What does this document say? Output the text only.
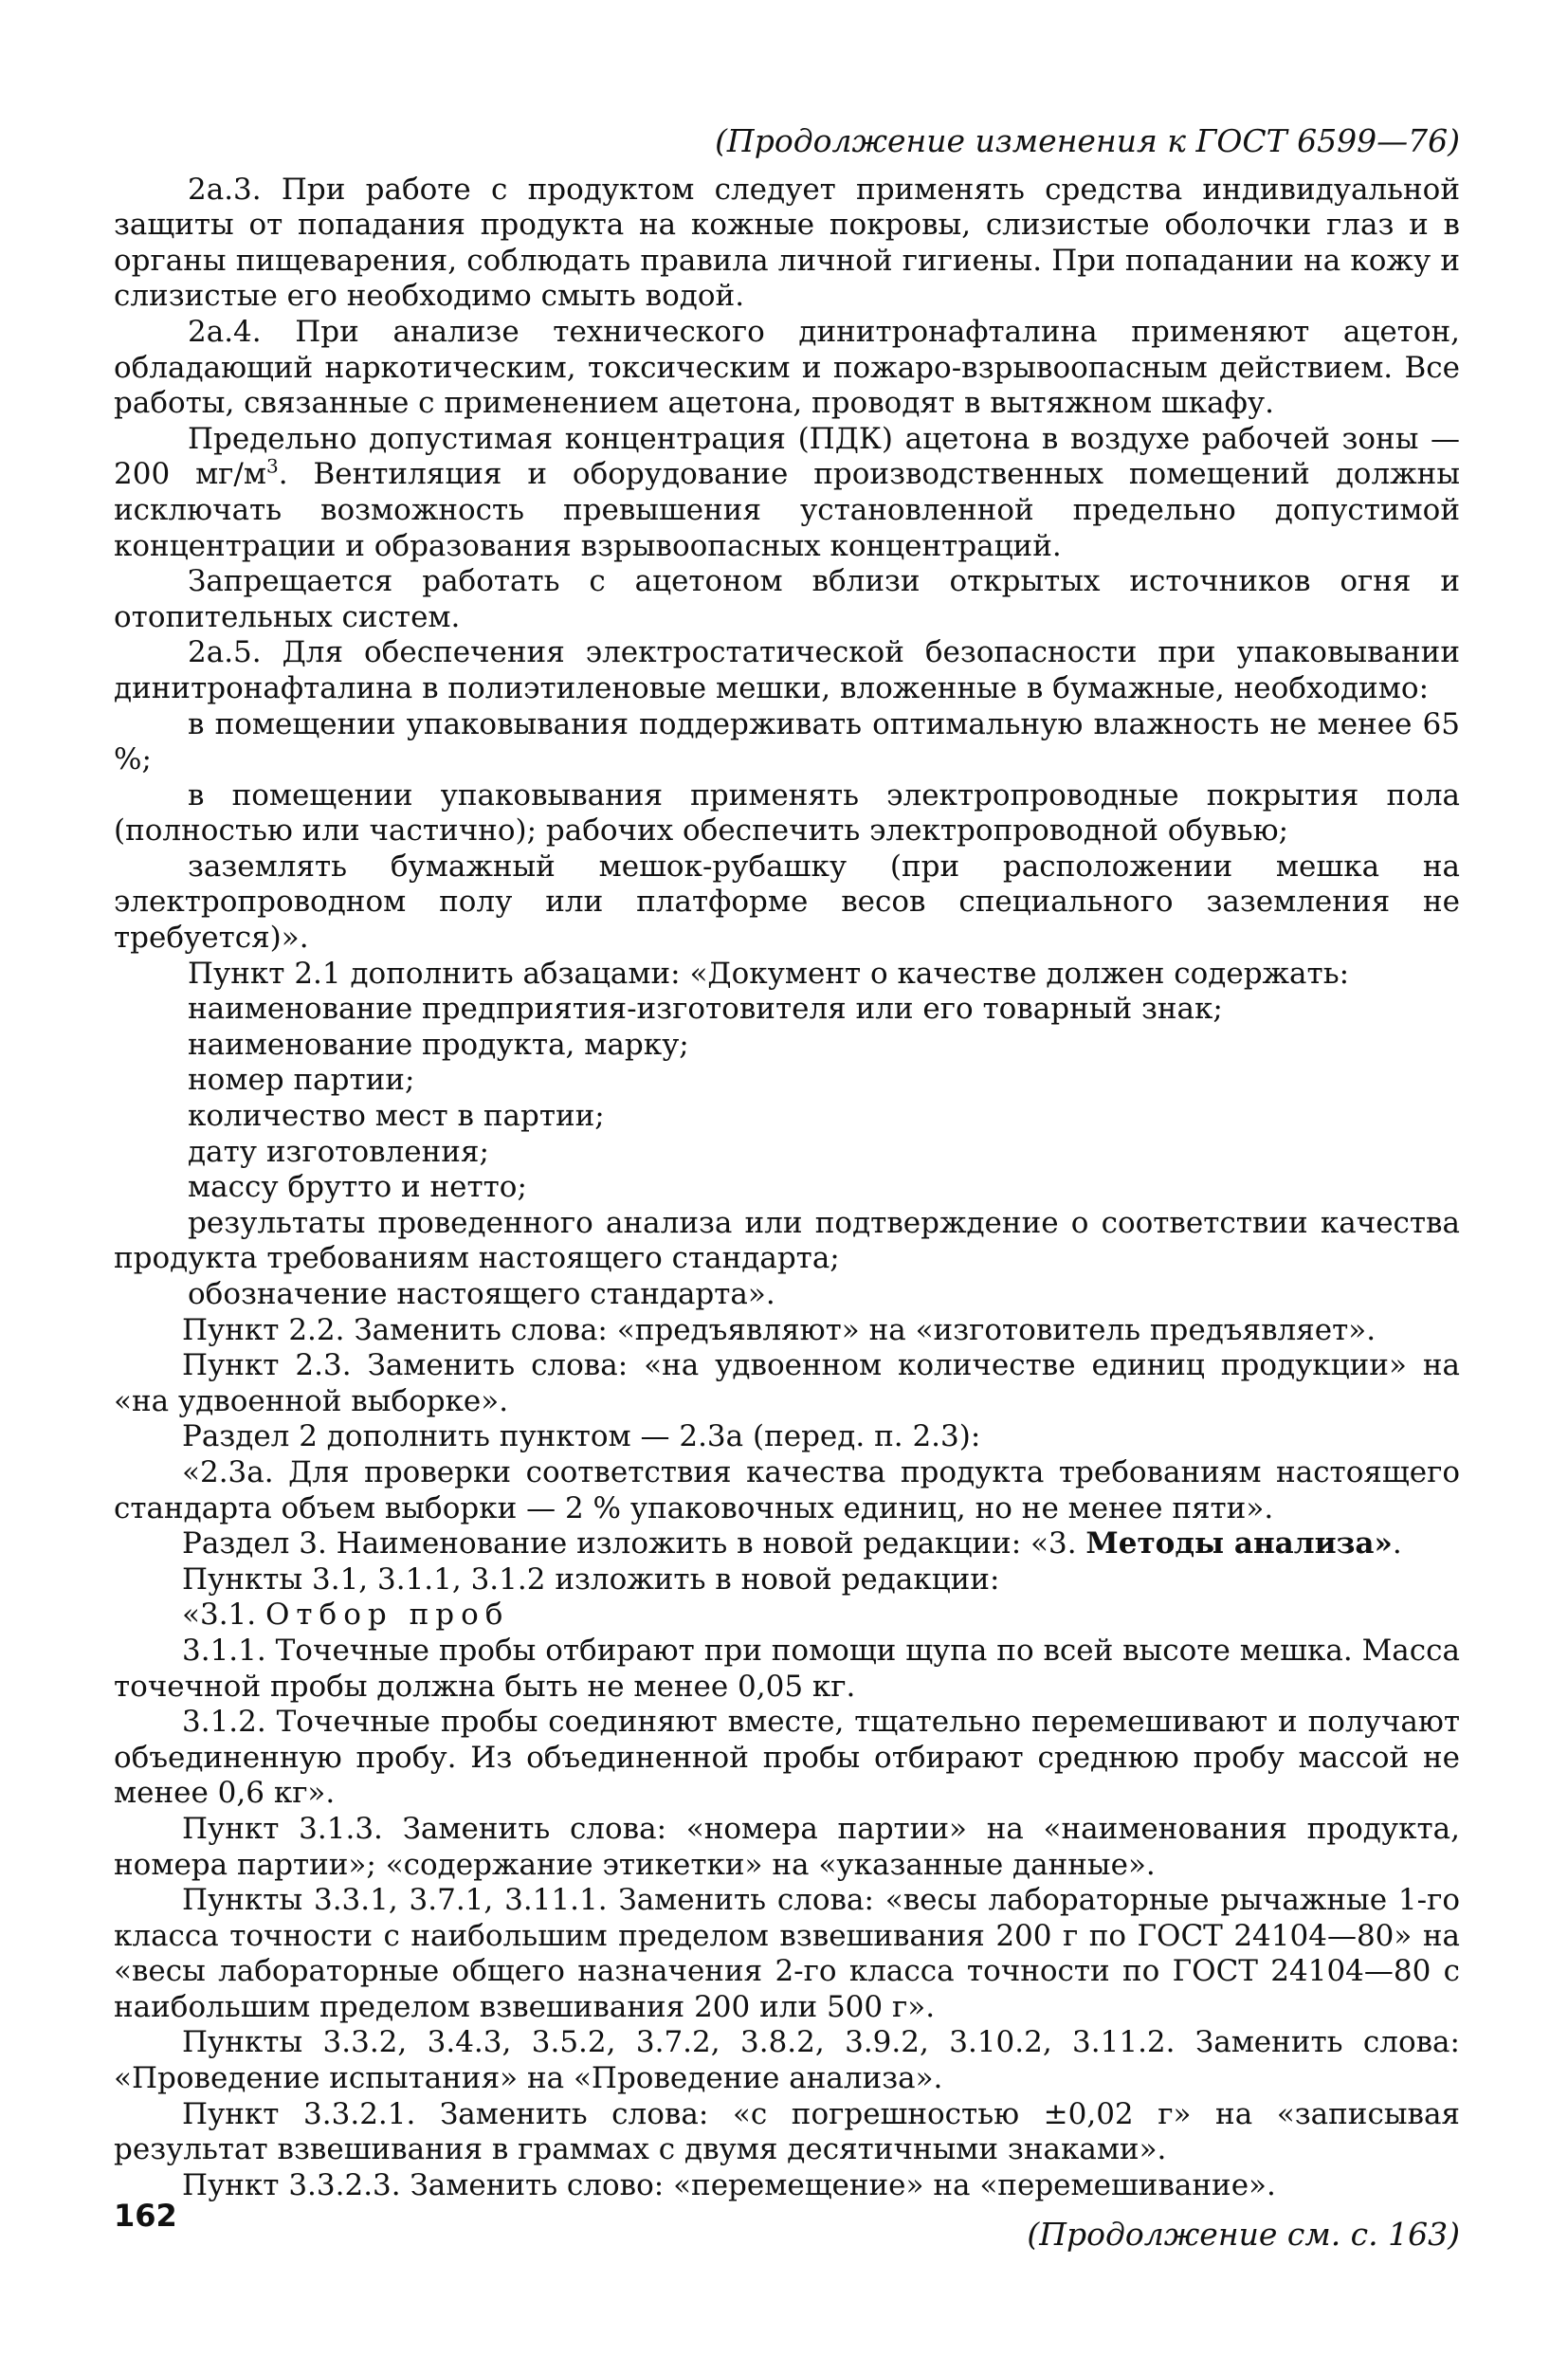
(Продолжение изменения к ГОСТ 6599—76)

2а.3. При работе с продуктом следует применять средства индивидуальной защиты от попадания продукта на кожные покровы, слизистые оболочки глаз и в органы пищеварения, соблюдать правила личной гигиены. При попадании на кожу и слизистые его необходимо смыть водой.

2а.4. При анализе технического динитронафталина применяют ацетон, обладающий наркотическим, токсическим и пожаро-взрывоопасным действием. Все работы, связанные с применением ацетона, проводят в вытяжном шкафу.

Предельно допустимая концентрация (ПДК) ацетона в воздухе рабочей зоны — 200 $мг/м^3$. Вентиляция и оборудование производственных помещений должны исключать возможность превышения установленной предельно допустимой концентрации и образования взрывоопасных концентраций.

Запрещается работать с ацетоном вблизи открытых источников огня и отопительных систем.

2а.5. Для обеспечения электростатической безопасности при упаковывании динитронафталина в полиэтиленовые мешки, вложенные в бумажные, необходимо:

в помещении упаковывания поддерживать оптимальную влажность не менее 65 %;

в помещении упаковывания применять электропроводные покрытия пола (полностью или частично); рабочих обеспечить электропроводной обувью;

заземлять бумажный мешок-рубашку (при расположении мешка на электропроводном полу или платформе весов специального заземления не требуется)».

Пункт 2.1 дополнить абзацами: «Документ о качестве должен содержать:

наименование предприятия-изготовителя или его товарный знак;

наименование продукта, марку;

номер партии;

количество мест в партии;

дату изготовления;

массу брутто и нетто;

результаты проведенного анализа или подтверждение о соответствии качества продукта требованиям настоящего стандарта;

обозначение настоящего стандарта».

Пункт 2.2. Заменить слова: «предъявляют» на «изготовитель предъявляет».

Пункт 2.3. Заменить слова: «на удвоенном количестве единиц продукции» на «на удвоенной выборке».

Раздел 2 дополнить пунктом — 2.3а (перед. п. 2.3):

«2.3а. Для проверки соответствия качества продукта требованиям настоящего стандарта объем выборки — 2 % упаковочных единиц, но не менее пяти».

Раздел 3. Наименование изложить в новой редакции: «3. Методы анализа».

Пункты 3.1, 3.1.1, 3.1.2 изложить в новой редакции:

«3.1. Отбор проб

3.1.1. Точечные пробы отбирают при помощи щупа по всей высоте мешка. Масса точечной пробы должна быть не менее 0,05 кг.

3.1.2. Точечные пробы соединяют вместе, тщательно перемешивают и получают объединенную пробу. Из объединенной пробы отбирают среднюю пробу массой не менее 0,6 кг».

Пункт 3.1.3. Заменить слова: «номера партии» на «наименования продукта, номера партии»; «содержание этикетки» на «указанные данные».

Пункты 3.3.1, 3.7.1, 3.11.1. Заменить слова: «весы лабораторные рычажные 1-го класса точности с наибольшим пределом взвешивания 200 г по ГОСТ 24104—80» на «весы лабораторные общего назначения 2-го класса точности по ГОСТ 24104—80 с наибольшим пределом взвешивания 200 или 500 г».

Пункты 3.3.2, 3.4.3, 3.5.2, 3.7.2, 3.8.2, 3.9.2, 3.10.2, 3.11.2. Заменить слова: «Проведение испытания» на «Проведение анализа».

Пункт 3.3.2.1. Заменить слова: «с погрешностью ±0,02 г» на «записывая результат взвешивания в граммах с двумя десятичными знаками».

Пункт 3.3.2.3. Заменить слово: «перемещение» на «перемешивание».

(Продолжение см. с. 163)
162
